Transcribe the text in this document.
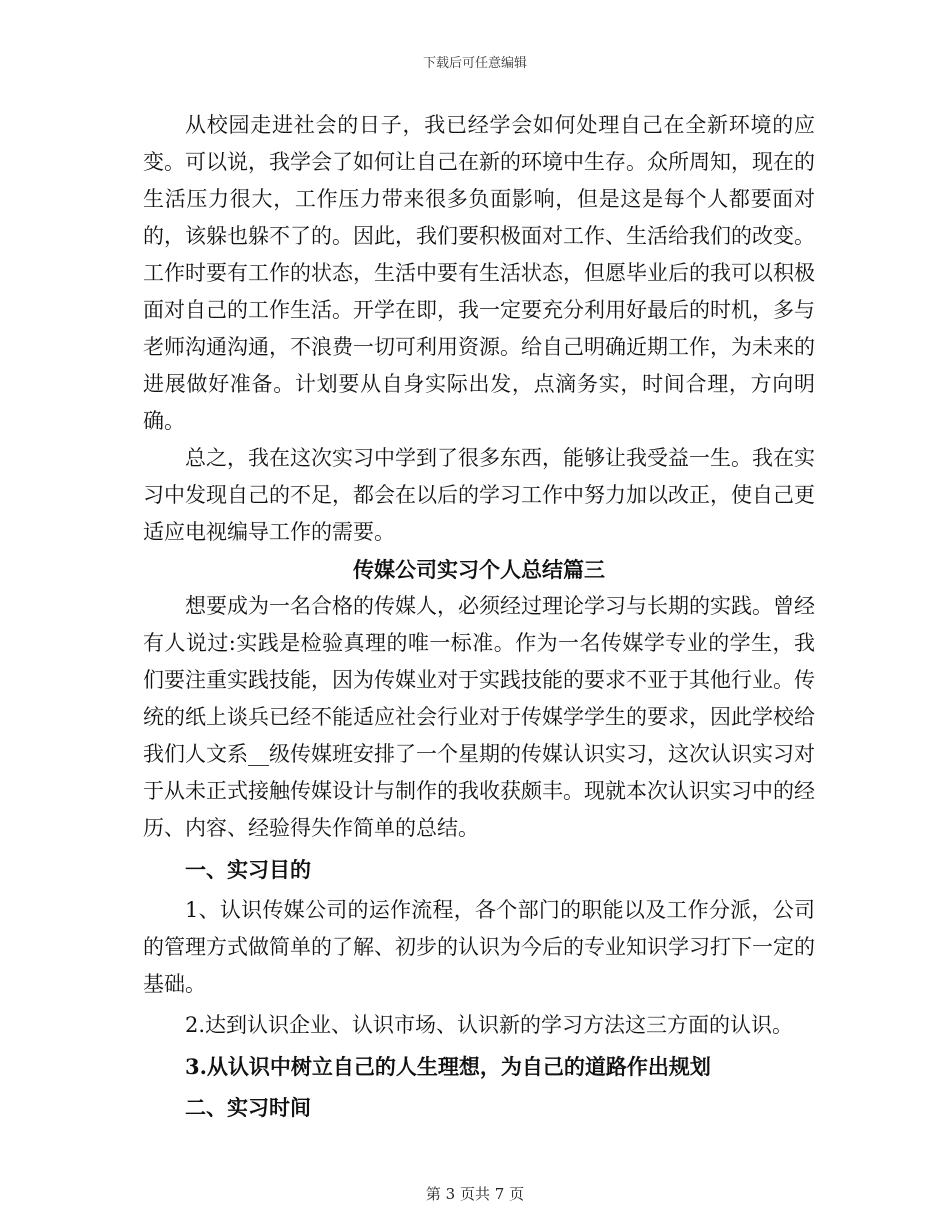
下载后可任意编辑

从校园走进社会的日子，我已经学会如何处理自己在全新环境的应变。可以说，我学会了如何让自己在新的环境中生存。众所周知，现在的生活压力很大，工作压力带来很多负面影响，但是这是每个人都要面对的，该躲也躲不了的。因此，我们要积极面对工作、生活给我们的改变。工作时要有工作的状态，生活中要有生活状态，但愿毕业后的我可以积极面对自己的工作生活。开学在即，我一定要充分利用好最后的时机，多与老师沟通沟通，不浪费一切可利用资源。给自己明确近期工作，为未来的进展做好准备。计划要从自身实际出发，点滴务实，时间合理，方向明确。

总之，我在这次实习中学到了很多东西，能够让我受益一生。我在实习中发现自己的不足，都会在以后的学习工作中努力加以改正，使自己更适应电视编导工作的需要。

传媒公司实习个人总结篇三

想要成为一名合格的传媒人，必须经过理论学习与长期的实践。曾经有人说过:实践是检验真理的唯一标准。作为一名传媒学专业的学生，我们要注重实践技能，因为传媒业对于实践技能的要求不亚于其他行业。传统的纸上谈兵已经不能适应社会行业对于传媒学学生的要求，因此学校给我们人文系__级传媒班安排了一个星期的传媒认识实习，这次认识实习对于从未正式接触传媒设计与制作的我收获颇丰。现就本次认识实习中的经历、内容、经验得失作简单的总结。

一、实习目的

1、认识传媒公司的运作流程，各个部门的职能以及工作分派，公司的管理方式做简单的了解、初步的认识为今后的专业知识学习打下一定的基础。

2.达到认识企业、认识市场、认识新的学习方法这三方面的认识。

3.从认识中树立自己的人生理想，为自己的道路作出规划

二、实习时间

第 3 页共 7 页
